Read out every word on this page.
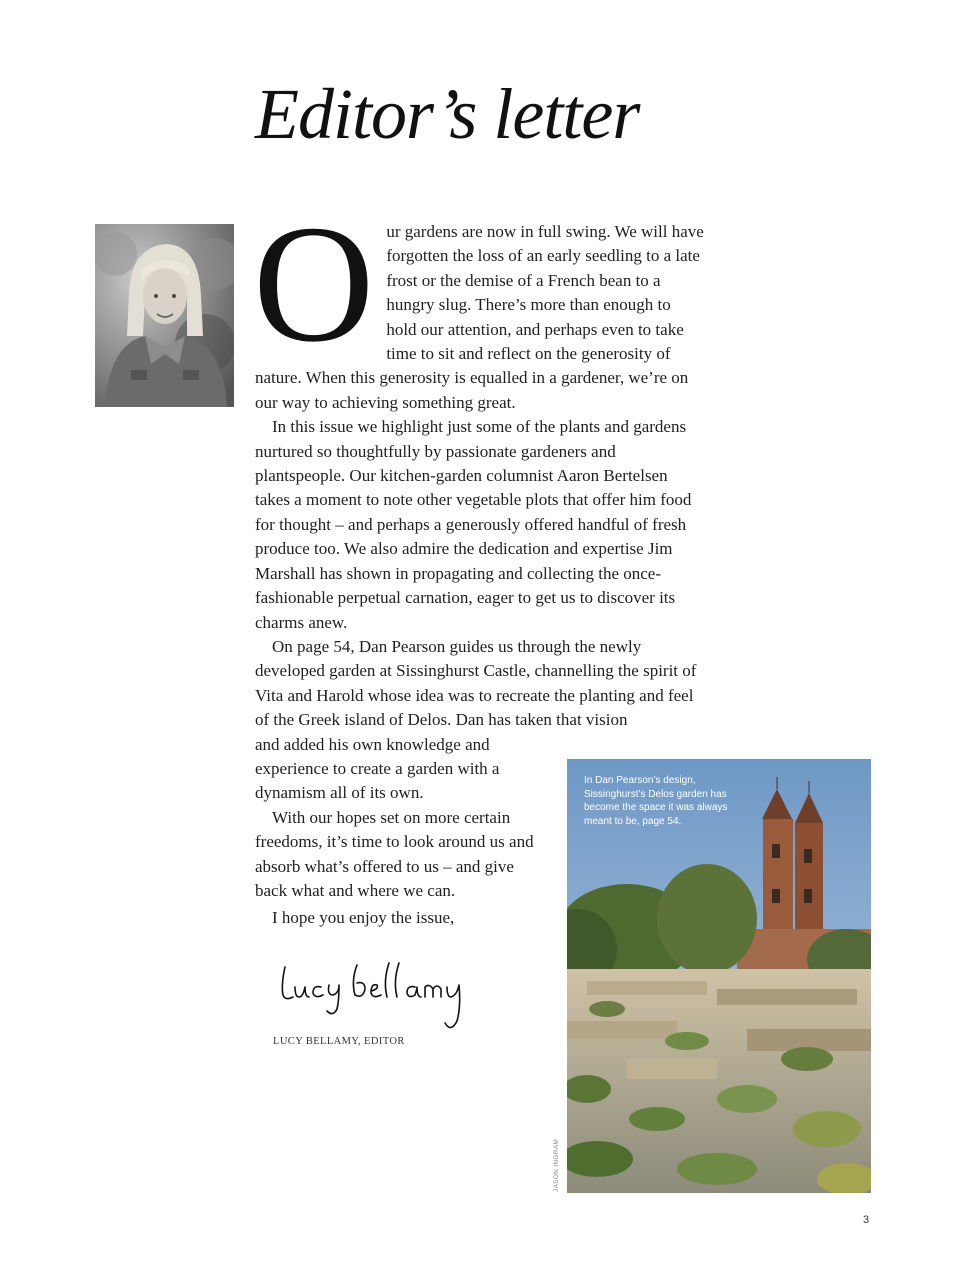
Editor’s letter

Our gardens are now in full swing. We will have forgotten the loss of an early seedling to a late frost or the demise of a French bean to a hungry slug. There’s more than enough to hold our attention, and perhaps even to take time to sit and reflect on the generosity of nature. When this generosity is equalled in a gardener, we’re on our way to achieving something great.

In this issue we highlight just some of the plants and gardens nurtured so thoughtfully by passionate gardeners and plantspeople. Our kitchen-garden columnist Aaron Bertelsen takes a moment to note other vegetable plots that offer him food for thought – and perhaps a generously offered handful of fresh produce too. We also admire the dedication and expertise Jim Marshall has shown in propagating and collecting the once-fashionable perpetual carnation, eager to get us to discover its charms anew.

On page 54, Dan Pearson guides us through the newly developed garden at Sissinghurst Castle, channelling the spirit of Vita and Harold whose idea was to recreate the planting and feel of the Greek island of Delos. Dan has taken that vision

and added his own knowledge and experience to create a garden with a dynamism all of its own.

With our hopes set on more certain freedoms, it’s time to look around us and absorb what’s offered to us – and give back what and where we can.

I hope you enjoy the issue,

LUCY BELLAMY, EDITOR
In Dan Pearson’s design, Sissinghurst’s Delos garden has become the space it was always meant to be, page 54.
JASON INGRAM
3
